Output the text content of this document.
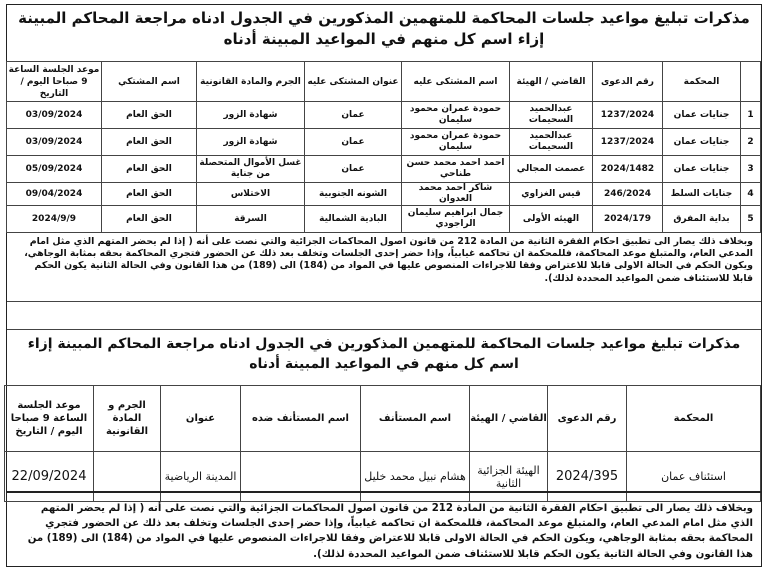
مذكرات تبليغ مواعيد جلسات المحاكمة للمتهمين المذكورين في الجدول ادناه مراجعة المحاكم المبينة إزاء اسم كل منهم في المواعيد المبينة أدناه
	المحكمة	رقم الدعوى	القاضي / الهيئة	اسم المشتكى عليه	عنوان المشتكى عليه	الجرم والمادة القانونية	اسم المشتكي	موعد الجلسة الساعة 9 صباحا اليوم / التاريخ
1	جنايات عمان	1237/2024	عبدالحميد السحيمات	حمودة عمران محمود سليمان	عمان	شهادة الزور	الحق العام	03/09/2024
2	جنايات عمان	1237/2024	عبدالحميد السحيمات	حمودة عمران محمود سليمان	عمان	شهادة الزور	الحق العام	03/09/2024
3	جنايات عمان	2024/1482	عصمت المجالي	احمد احمد محمد حسن طناحي	عمان	غسل الأموال المتحصلة من جناية	الحق العام	05/09/2024
4	جنايات السلط	246/2024	قيس الغزاوي	شاكر احمد محمد العدوان	الشونه الجنوبية	الاختلاس	الحق العام	09/04/2024
5	بداية المفرق	2024/179	الهيئه الأولى	جمال ابراهيم سليمان الراجودي	البادية الشمالية	السرقة	الحق العام	2024/9/9
وبخلاف ذلك يصار الى تطبيق احكام الفقرة الثانية من المادة 212 من قانون اصول المحاكمات الجزائية والتي نصت على أنه ( إذا لم يحضر المتهم الذي مثل امام المدعي العام، والمتبلغ موعد المحاكمة، فللمحكمة ان تحاكمه غيابياً، وإذا حضر إحدى الجلسات وتخلف بعد ذلك عن الحضور فتجري المحاكمة بحقه بمثابة الوجاهي، ويكون الحكم في الحالة الاولى قابلا للاعتراض وفقا للاجراءات المنصوص عليها في المواد من (184) الى (189) من هذا القانون وفي الحالة الثانية يكون الحكم قابلا للاستئناف ضمن المواعيد المحددة لذلك).
مذكرات تبليغ مواعيد جلسات المحاكمة للمتهمين المذكورين في الجدول ادناه مراجعة المحاكم المبينة إزاء اسم كل منهم في المواعيد المبينة أدناه
المحكمة	رقم الدعوى	القاضي / الهيئة	اسم المستأنف	اسم المستأنف ضده	عنوان	الجرم و المادة القانونية	موعد الجلسة الساعة 9 صباحا اليوم / التاريخ
استئناف عمان	2024/395	الهيئة الجزائية الثانية	هشام نبيل محمد خليل		المدينة الرياضية		22/09/2024
وبخلاف ذلك يصار الى تطبيق احكام الفقرة الثانية من المادة 212 من قانون اصول المحاكمات الجزائية والتي نصت على أنه ( إذا لم يحضر المتهم الذي مثل امام المدعي العام، والمتبلغ موعد المحاكمة، فللمحكمة ان تحاكمه غيابياً، وإذا حضر إحدى الجلسات وتخلف بعد ذلك عن الحضور فتجري المحاكمة بحقه بمثابة الوجاهي، ويكون الحكم في الحالة الاولى قابلا للاعتراض وفقا للاجراءات المنصوص عليها في المواد من (184) الى (189) من هذا القانون وفي الحالة الثانية يكون الحكم قابلا للاستئناف ضمن المواعيد المحددة لذلك).
